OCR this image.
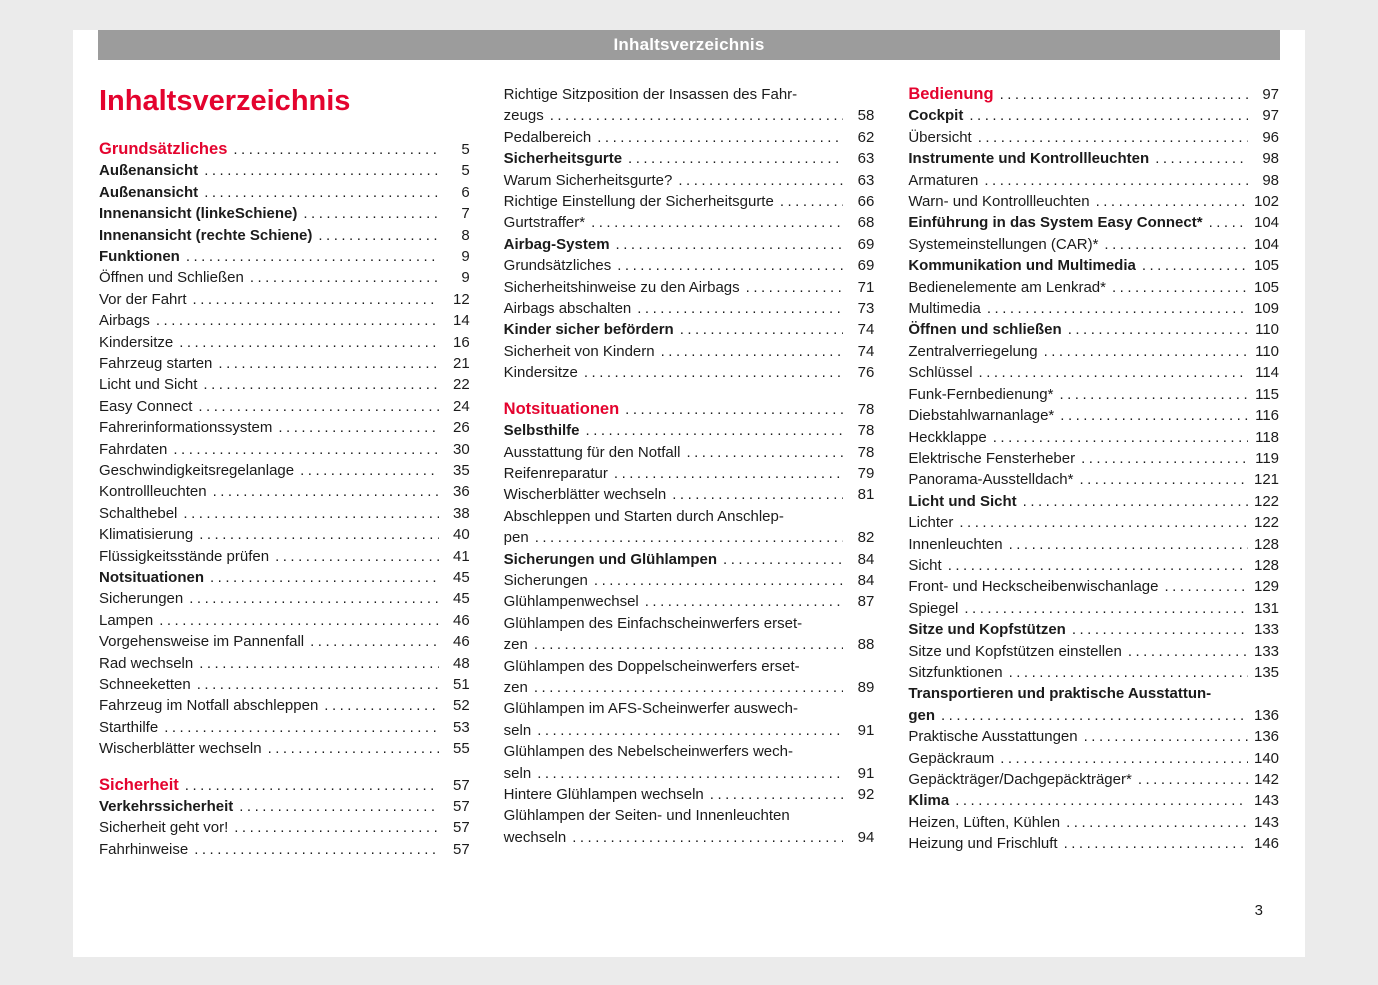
Inhaltsverzeichnis
Inhaltsverzeichnis
Grundsätzliches .....	5
Außenansicht .....	5
Außenansicht .....	6
Innenansicht (linkeSchiene) .....	7
Innenansicht (rechte Schiene) .....	8
Funktionen .....	9
Öffnen und Schließen .....	9
Vor der Fahrt .....	12
Airbags .....	14
Kindersitze .....	16
Fahrzeug starten .....	21
Licht und Sicht .....	22
Easy Connect .....	24
Fahrerinformationssystem .....	26
Fahrdaten .....	30
Geschwindigkeitsregelanlage .....	35
Kontrollleuchten .....	36
Schalthebel .....	38
Klimatisierung .....	40
Flüssigkeitsstände prüfen .....	41
Notsituationen .....	45
Sicherungen .....	45
Lampen .....	46
Vorgehensweise im Pannenfall .....	46
Rad wechseln .....	48
Schneeketten .....	51
Fahrzeug im Notfall abschleppen .....	52
Starthilfe .....	53
Wischerblätter wechseln .....	55
Sicherheit .....	57
Verkehrssicherheit .....	57
Sicherheit geht vor! .....	57
Fahrhinweise .....	57
Richtige Sitzposition der Insassen des Fahr-
zeugs .....	58
Pedalbereich .....	62
Sicherheitsgurte .....	63
Warum Sicherheitsgurte? .....	63
Richtige Einstellung der Sicherheitsgurte .....	66
Gurtstraffer* .....	68
Airbag-System .....	69
Grundsätzliches .....	69
Sicherheitshinweise zu den Airbags .....	71
Airbags abschalten .....	73
Kinder sicher befördern .....	74
Sicherheit von Kindern .....	74
Kindersitze .....	76
Notsituationen .....	78
Selbsthilfe .....	78
Ausstattung für den Notfall .....	78
Reifenreparatur .....	79
Wischerblätter wechseln .....	81
Abschleppen und Starten durch Anschlep-
pen .....	82
Sicherungen und Glühlampen .....	84
Sicherungen .....	84
Glühlampenwechsel .....	87
Glühlampen des Einfachscheinwerfers erset-
zen .....	88
Glühlampen des Doppelscheinwerfers erset-
zen .....	89
Glühlampen im AFS-Scheinwerfer auswech-
seln .....	91
Glühlampen des Nebelscheinwerfers wech-
seln .....	91
Hintere Glühlampen wechseln .....	92
Glühlampen der Seiten- und Innenleuchten
wechseln .....	94
Bedienung .....	97
Cockpit .....	97
Übersicht .....	96
Instrumente und Kontrollleuchten .....	98
Armaturen .....	98
Warn- und Kontrollleuchten .....	102
Einführung in das System Easy Connect* .....	104
Systemeinstellungen (CAR)* .....	104
Kommunikation und Multimedia .....	105
Bedienelemente am Lenkrad* .....	105
Multimedia .....	109
Öffnen und schließen .....	110
Zentralverriegelung .....	110
Schlüssel .....	114
Funk-Fernbedienung* .....	115
Diebstahlwarnanlage* .....	116
Heckklappe .....	118
Elektrische Fensterheber .....	119
Panorama-Ausstelldach* .....	121
Licht und Sicht .....	122
Lichter .....	122
Innenleuchten .....	128
Sicht .....	128
Front- und Heckscheibenwischanlage .....	129
Spiegel .....	131
Sitze und Kopfstützen .....	133
Sitze und Kopfstützen einstellen .....	133
Sitzfunktionen .....	135
Transportieren und praktische Ausstattun-
gen .....	136
Praktische Ausstattungen .....	136
Gepäckraum .....	140
Gepäckträger/Dachgepäckträger* .....	142
Klima .....	143
Heizen, Lüften, Kühlen .....	143
Heizung und Frischluft .....	146
3
